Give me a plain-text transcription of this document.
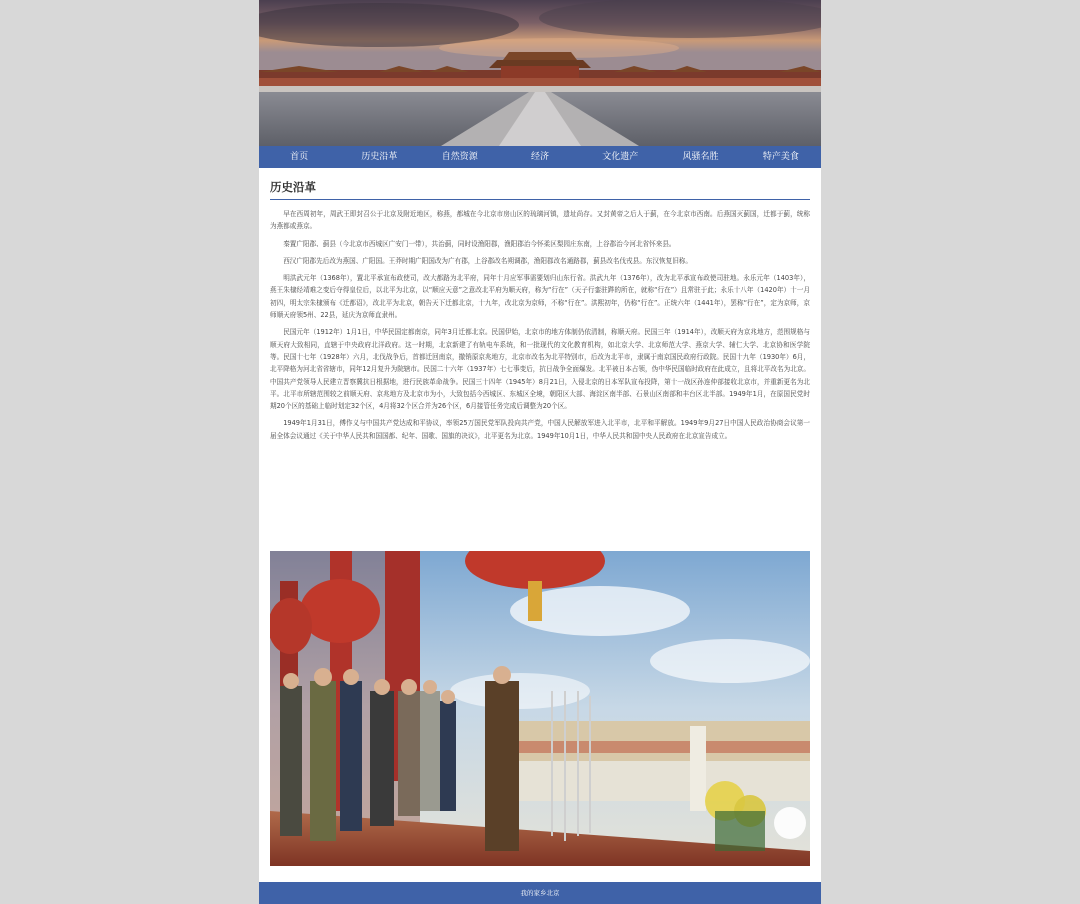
首页	历史沿革	自然资源	经济	文化遗产	风骚名胜	特产美食
历史沿革

早在西周初年，周武王即封召公于北京及附近地区，称燕，都城在今北京市房山区的琉璃河镇，遗址尚存。又封黄帝之后人于蓟，在今北京市西南。后燕国灭蓟国，迁都于蓟，统称为燕都或燕京。

秦置广阳郡、蓟县（今北京市西城区广安门一带），共治蓟，同时设渔阳郡，渔阳郡治今怀柔区梨园庄东南，上谷郡治今河北省怀来县。

西汉广阳郡先后改为燕国、广阳国。王莽时期广阳国改为广有郡，上谷郡改名朔调郡，渔阳郡改名通路郡，蓟县改名伐戎县。东汉恢复旧称。

明洪武元年（1368年），置北平承宣布政使司，改大都路为北平府，同年十月应军事需要划归山东行省。洪武九年（1376年），改为北平承宣布政使司驻地。永乐元年（1403年），燕王朱棣经靖难之变后夺得皇位后，以北平为北京，以“顺应天意”之意改北平府为顺天府，称为“行在”（天子行銮驻跸的所在，就称“行在”）且常驻于此；永乐十八年（1420年）十一月初四，明太宗朱棣颁布《迁都诏》，改北平为北京，朝告天下迁都北京，十九年，改北京为京师，不称“行在”。洪熙初年，仍称“行在”。正统六年（1441年），罢称“行在”，定为京师，京师顺天府领5州、22县，延庆为京师直隶州。

民国元年（1912年）1月1日，中华民国定都南京，同年3月迁都北京。民国伊始，北京市的地方体制仍依清制，称顺天府。民国三年（1914年），改顺天府为京兆地方，范围规格与顺天府大致相同，直辖于中央政府北洋政府。这一时期，北京新建了有轨电车系统，和一批现代的文化教育机构，如北京大学、北京师范大学、燕京大学、辅仁大学、北京协和医学院等。民国十七年（1928年）六月，北伐战争后，首都迁回南京，撤销原京兆地方，北京市改名为北平特别市，后改为北平市，隶属于南京国民政府行政院。民国十九年（1930年）6月，北平降格为河北省省辖市，同年12月复升为院辖市。民国二十六年（1937年）七七事变后，抗日战争全面爆发。北平被日本占领，伪中华民国临时政府在此成立，且将北平改名为北京。中国共产党领导人民建立晋察冀抗日根据地，进行民族革命战争。民国三十四年（1945年）8月21日，入侵北京的日本军队宣布投降，第十一战区孙连仲部接收北京市，并重新更名为北平。北平市所辖范围较之前顺天府、京兆地方及北京市为小，大致包括今西城区、东城区全境，朝阳区大部、海淀区南半部、石景山区南部和丰台区北半部。1949年1月，在原国民党时期20个区的基础上临时划定32个区，4月将32个区合并为26个区，6月接管任务完成后调整为20个区。

1949年1月31日，傅作义与中国共产党达成和平协议，率领25万国民党军队投向共产党，中国人民解放军进入北平市，北平和平解放。1949年9月27日中国人民政治协商会议第一届全体会议通过《关于中华人民共和国国都、纪年、国歌、国旗的决议》，北平更名为北京。1949年10月1日，中华人民共和国中央人民政府在北京宣告成立。

我的家乡北京
